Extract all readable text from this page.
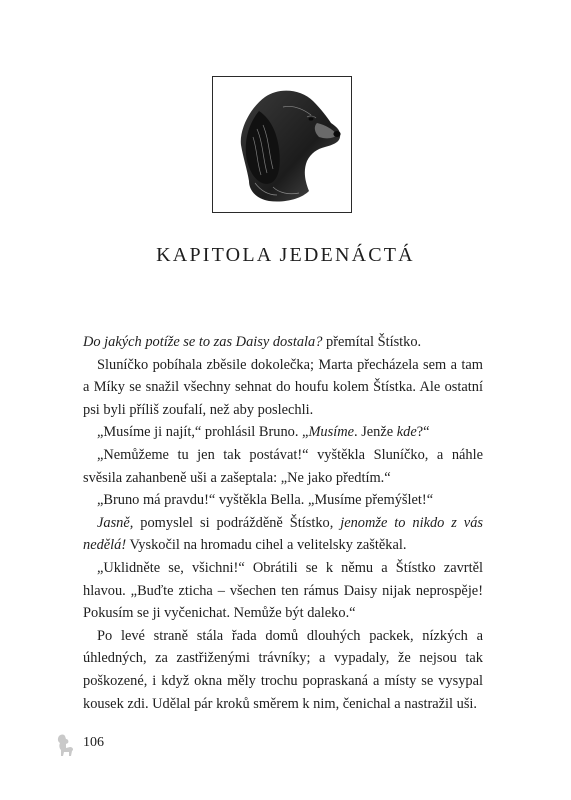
KAPITOLA JEDENÁCTÁ

Do jakých potíže se to zas Daisy dostala? přemítal Štístko.

Sluníčko pobíhala zběsile dokolečka; Marta přecházela sem a tam a Míky se snažil všechny sehnat do houfu kolem Štístka. Ale ostatní psi byli příliš zoufalí, než aby poslechli.

„Musíme ji najít,“ prohlásil Bruno. „Musíme. Jenže kde?“

„Nemůžeme tu jen tak postávat!“ vyštěkla Sluníčko, a náhle svěsila zahanbeně uši a zašeptala: „Ne jako předtím.“

„Bruno má pravdu!“ vyštěkla Bella. „Musíme přemýšlet!“

Jasně, pomyslel si podrážděně Štístko, jenomže to nikdo z vás nedělá! Vyskočil na hromadu cihel a velitelsky zaštěkal.

„Uklidněte se, všichni!“ Obrátili se k němu a Štístko zavrtěl hlavou. „Buďte zticha – všechen ten rámus Daisy nijak neprospěje! Pokusím se ji vyčenichat. Nemůže být daleko.“

Po levé straně stála řada domů dlouhých packek, nízkých a úhledných, za zastřiženými trávníky; a vypadaly, že nejsou tak poškozené, i když okna měly trochu popraskaná a místy se vysypal kousek zdi. Udělal pár kroků směrem k nim, čenichal a nastražil uši.

106
